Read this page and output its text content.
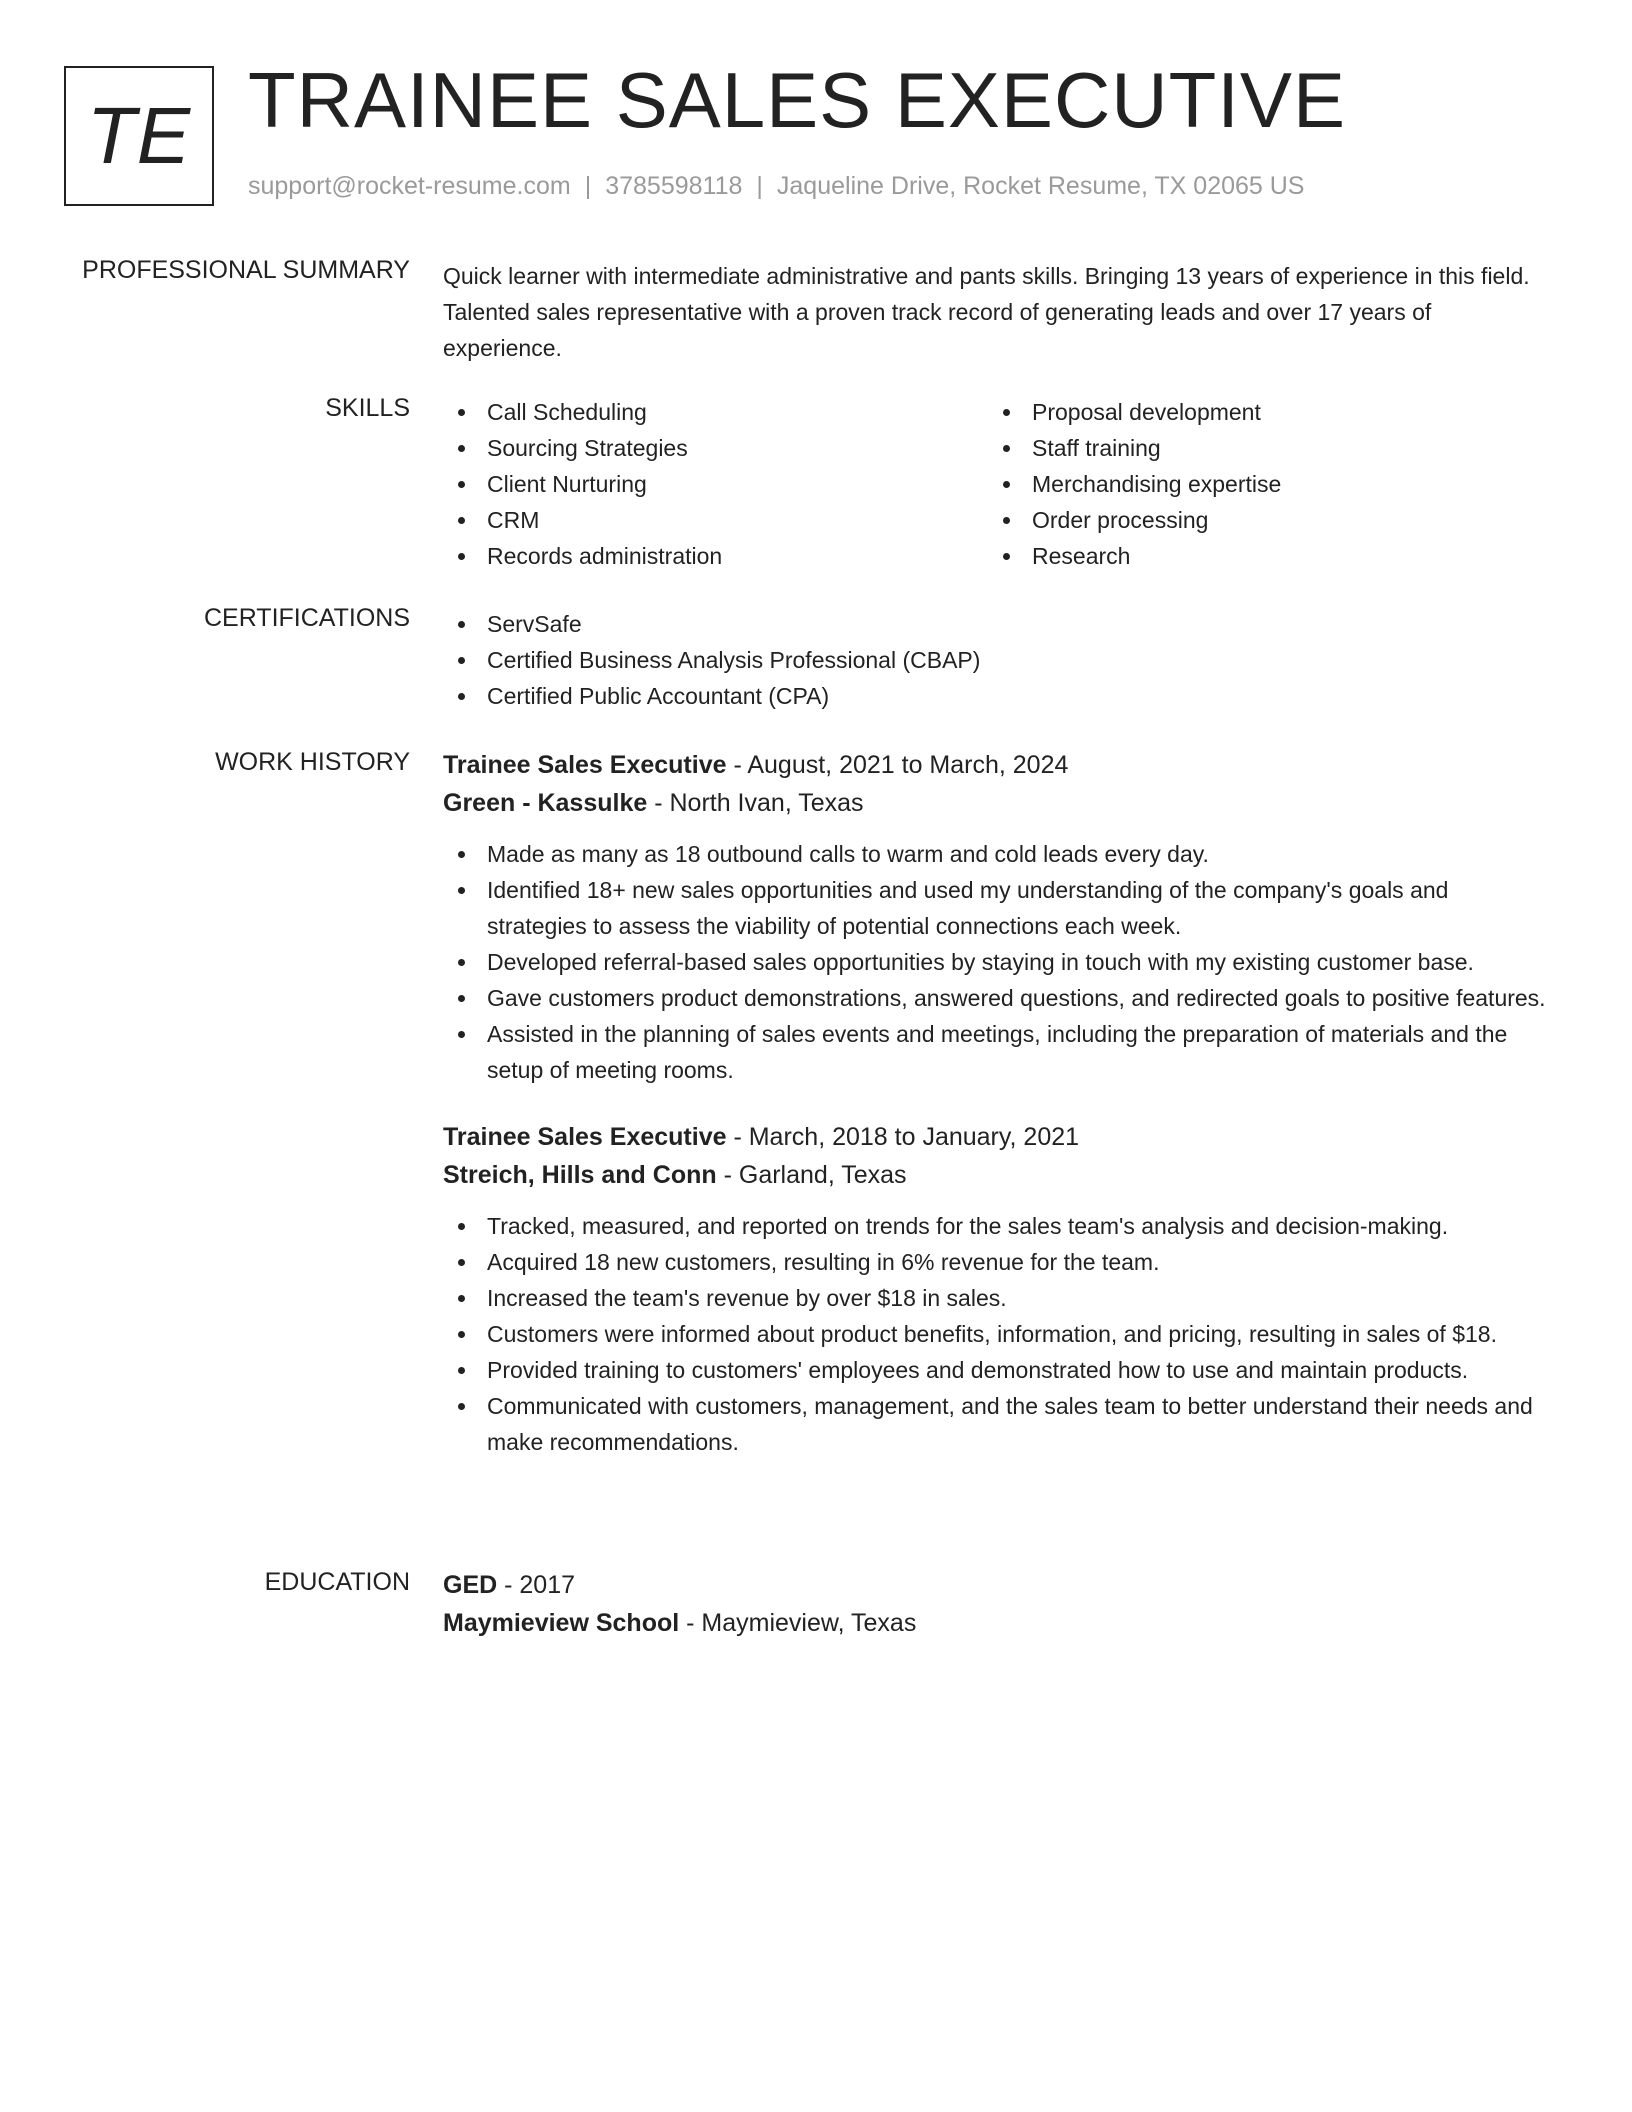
TE TRAINEE SALES EXECUTIVE
support@rocket-resume.com | 3785598118 | Jaqueline Drive, Rocket Resume, TX 02065 US
PROFESSIONAL SUMMARY Quick learner with intermediate administrative and pants skills. Bringing 13 years of experience in this field. Talented sales representative with a proven track record of generating leads and over 17 years of experience.

SKILLS	Call Scheduling
Sourcing Strategies
Client Nurturing
CRM
Records administration
Proposal development
Staff training
Merchandising expertise
Order processing
Research
CERTIFICATIONS	ServSafe
Certified Business Analysis Professional (CBAP)
Certified Public Accountant (CPA)
WORK HISTORY Trainee Sales Executive - August, 2021 to March, 2024
Green - Kassulke - North Ivan, Texas
Made as many as 18 outbound calls to warm and cold leads every day.
Identified 18+ new sales opportunities and used my understanding of the company's goals and strategies to assess the viability of potential connections each week.
Developed referral-based sales opportunities by staying in touch with my existing customer base.
Gave customers product demonstrations, answered questions, and redirected goals to positive features.
Assisted in the planning of sales events and meetings, including the preparation of materials and the setup of meeting rooms.
Trainee Sales Executive - March, 2018 to January, 2021
Streich, Hills and Conn - Garland, Texas
Tracked, measured, and reported on trends for the sales team's analysis and decision-making.
Acquired 18 new customers, resulting in 6% revenue for the team.
Increased the team's revenue by over $18 in sales.
Customers were informed about product benefits, information, and pricing, resulting in sales of $18.
Provided training to customers' employees and demonstrated how to use and maintain products.
Communicated with customers, management, and the sales team to better understand their needs and make recommendations.
EDUCATION GED - 2017
Maymieview School - Maymieview, Texas
